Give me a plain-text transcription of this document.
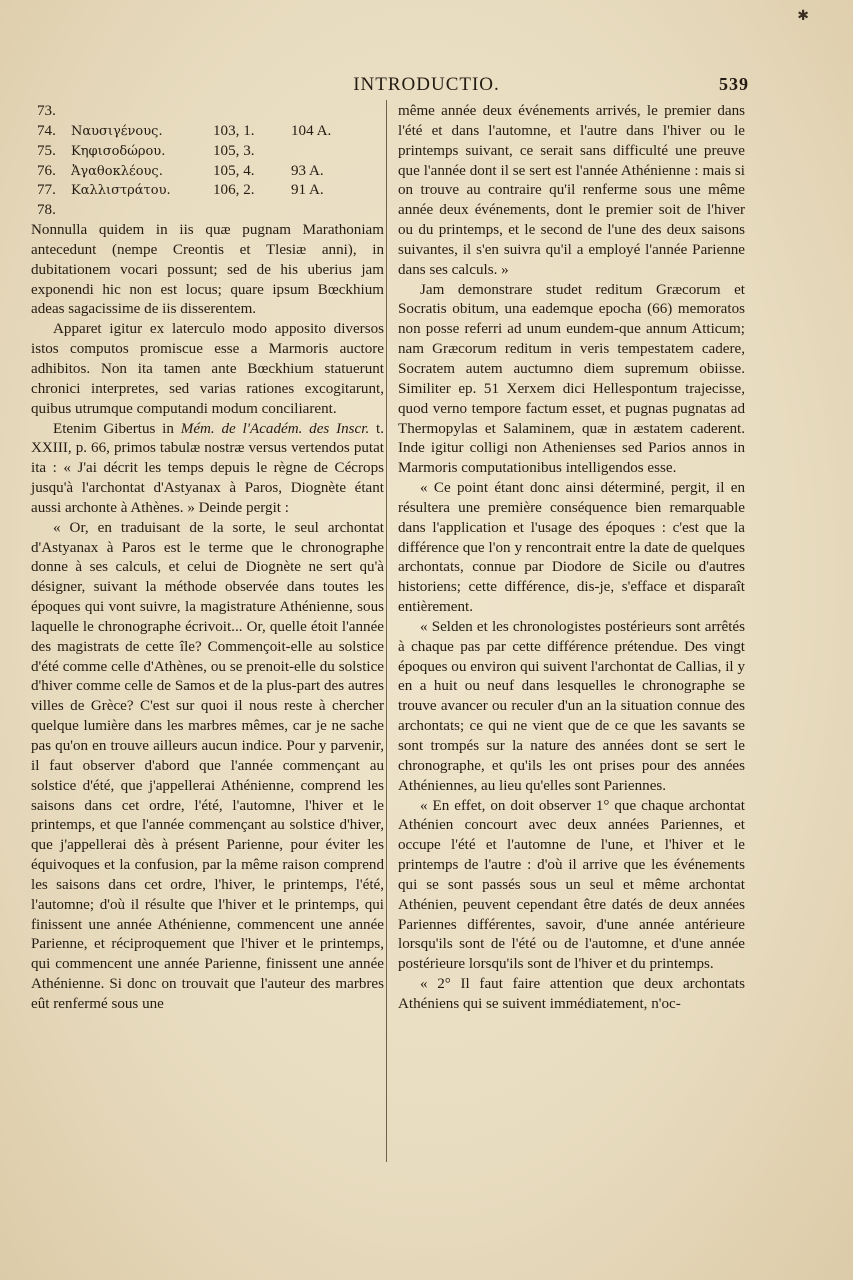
✱
INTRODUCTIO.	539
73.
74.	Ναυσιγένους.	103, 1.	104 A.
75.	Κηφισοδώρου.	105, 3.
76.	Ἀγαθοκλέους.	105, 4.	93 A.
77.	Καλλιστράτου.	106, 2.	91 A.
78.

Nonnulla quidem in iis quæ pugnam Marathoniam antecedunt (nempe Creontis et Tlesiæ anni), in dubitationem vocari possunt; sed de his uberius jam exponendi hic non est locus; quare ipsum Bœckhium adeas sagacissime de iis disserentem.

Apparet igitur ex laterculo modo apposito diversos istos computos promiscue esse a Marmoris auctore adhibitos. Non ita tamen ante Bœckhium statuerunt chronici interpretes, sed varias rationes excogitarunt, quibus utrumque computandi modum conciliarent.

Etenim Gibertus in Mém. de l'Académ. des Inscr. t. XXIII, p. 66, primos tabulæ nostræ versus vertendos putat ita : « J'ai décrit les temps depuis le règne de Cécrops jusqu'à l'archontat d'Astyanax à Paros, Diognète étant aussi archonte à Athènes. » Deinde pergit :

« Or, en traduisant de la sorte, le seul archontat d'Astyanax à Paros est le terme que le chronographe donne à ses calculs, et celui de Diognète ne sert qu'à désigner, suivant la méthode observée dans toutes les époques qui vont suivre, la magistrature Athénienne, sous laquelle le chronographe écrivoit... Or, quelle étoit l'année des magistrats de cette île? Commençoit-elle au solstice d'été comme celle d'Athènes, ou se prenoit-elle du solstice d'hiver comme celle de Samos et de la plus-part des autres villes de Grèce? C'est sur quoi il nous reste à chercher quelque lumière dans les marbres mêmes, car je ne sache pas qu'on en trouve ailleurs aucun indice. Pour y parvenir, il faut observer d'abord que l'année commençant au solstice d'été, que j'appellerai Athénienne, comprend les saisons dans cet ordre, l'été, l'automne, l'hiver et le printemps, et que l'année commençant au solstice d'hiver, que j'appellerai dès à présent Parienne, pour éviter les équivoques et la confusion, par la même raison comprend les saisons dans cet ordre, l'hiver, le printemps, l'été, l'automne; d'où il résulte que l'hiver et le printemps, qui finissent une année Athénienne, commencent une année Parienne, et réciproquement que l'hiver et le printemps, qui commencent une année Parienne, finissent une année Athénienne. Si donc on trouvait que l'auteur des marbres eût renfermé sous une

même année deux événements arrivés, le premier dans l'été et dans l'automne, et l'autre dans l'hiver ou le printemps suivant, ce serait sans difficulté une preuve que l'année dont il se sert est l'année Athénienne : mais si on trouve au contraire qu'il renferme sous une même année deux événements, dont le premier soit de l'hiver ou du printemps, et le second de l'une des deux saisons suivantes, il s'en suivra qu'il a employé l'année Parienne dans ses calculs. »

Jam demonstrare studet reditum Græcorum et Socratis obitum, una eademque epocha (66) memoratos non posse referri ad unum eundem-que annum Atticum; nam Græcorum reditum in veris tempestatem cadere, Socratem autem auctumno diem supremum obiisse. Similiter ep. 51 Xerxem dici Hellespontum trajecisse, quod verno tempore factum esset, et pugnas pugnatas ad Thermopylas et Salaminem, quæ in æstatem caderent. Inde igitur colligi non Athenienses sed Parios annos in Marmoris computationibus intelligendos esse.

« Ce point étant donc ainsi déterminé, pergit, il en résultera une première conséquence bien remarquable dans l'application et l'usage des époques : c'est que la différence que l'on y rencontrait entre la date de quelques archontats, connue par Diodore de Sicile ou d'autres historiens; cette différence, dis-je, s'efface et disparaît entièrement.

« Selden et les chronologistes postérieurs sont arrêtés à chaque pas par cette différence prétendue. Des vingt époques ou environ qui suivent l'archontat de Callias, il y en a huit ou neuf dans lesquelles le chronographe se trouve avancer ou reculer d'un an la situation connue des archontats; ce qui ne vient que de ce que les savants se sont trompés sur la nature des années dont se sert le chronographe, et qu'ils les ont prises pour des années Athéniennes, au lieu qu'elles sont Pariennes.

« En effet, on doit observer 1° que chaque archontat Athénien concourt avec deux années Pariennes, et occupe l'été et l'automne de l'une, et l'hiver et le printemps de l'autre : d'où il arrive que les événements qui se sont passés sous un seul et même archontat Athénien, peuvent cependant être datés de deux années Pariennes différentes, savoir, d'une année antérieure lorsqu'ils sont de l'été ou de l'automne, et d'une année postérieure lorsqu'ils sont de l'hiver et du printemps.

« 2° Il faut faire attention que deux archontats Athéniens qui se suivent immédiatement, n'oc-
